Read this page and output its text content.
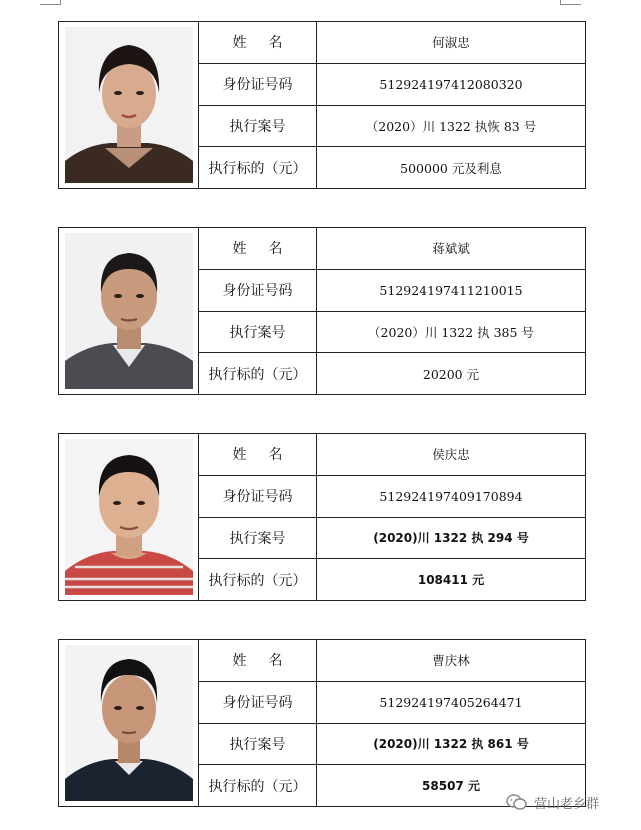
姓名	何淑忠
身份证号码	512924197412080320
执行案号	（2020）川 1322 执恢 83 号
执行标的（元）	500000 元及利息
姓名	蒋斌斌
身份证号码	512924197411210015
执行案号	（2020）川 1322 执 385 号
执行标的（元）	20200 元
姓名	侯庆忠
身份证号码	512924197409170894
执行案号	(2020)川 1322 执 294 号
执行标的（元）	108411 元
姓名	曹庆林
身份证号码	512924197405264471
执行案号	(2020)川 1322 执 861 号
执行标的（元）	58507 元
营山老乡群
